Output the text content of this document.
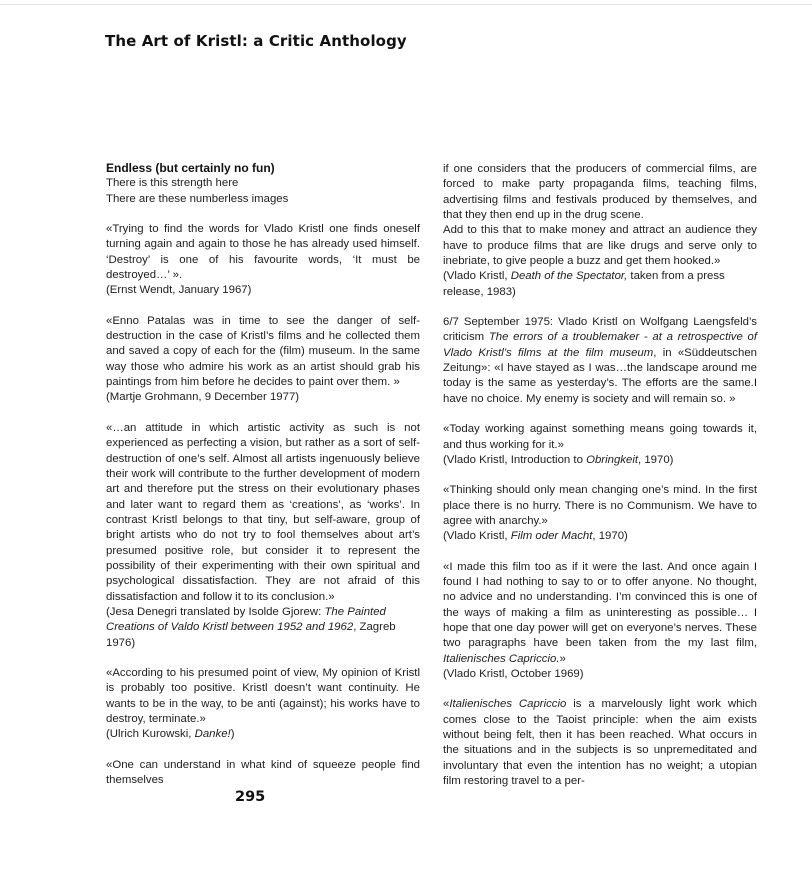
The Art of Kristl: a Critic Anthology

Endless (but certainly no fun)

There is this strength here
There are these numberless images

«Trying to find the words for Vlado Kristl one finds oneself turning again and again to those he has already used himself. ‘Destroy’ is one of his favourite words, ‘It must be destroyed…’ ».

(Ernst Wendt, January 1967)

«Enno Patalas was in time to see the danger of self-destruction in the case of Kristl’s films and he collected them and saved a copy of each for the (film) museum. In the same way those who admire his work as an artist should grab his paintings from him before he decides to paint over them. »

(Martje Grohmann, 9 December 1977)

«…an attitude in which artistic activity as such is not experienced as perfecting a vision, but rather as a sort of self-destruction of one’s self. Almost all artists ingenuously believe their work will contribute to the further development of modern art and therefore put the stress on their evolutionary phases and later want to regard them as ‘creations’, as ‘works’. In contrast Kristl belongs to that tiny, but self-aware, group of bright artists who do not try to fool themselves about art’s presumed positive role, but consider it to represent the possibility of their experimenting with their own spiritual and psychological dissatisfaction. They are not afraid of this dissatisfaction and follow it to its conclusion.»

(Jesa Denegri translated by Isolde Gjorew: The Painted Creations of Valdo Kristl between 1952 and 1962, Zagreb 1976)

«According to his presumed point of view, My opinion of Kristl is probably too positive. Kristl doesn’t want continuity. He wants to be in the way, to be anti (against); his works have to destroy, terminate.»

(Ulrich Kurowski, Danke!)

«One can understand in what kind of squeeze people find themselves

if one considers that the producers of commercial films, are forced to make party propaganda films, teaching films, advertising films and festivals produced by themselves, and that they then end up in the drug scene.

Add to this that to make money and attract an audience they have to produce films that are like drugs and serve only to inebriate, to give people a buzz and get them hooked.»

(Vlado Kristl, Death of the Spectator, taken from a press release, 1983)

6/7 September 1975: Vlado Kristl on Wolfgang Laengsfeld’s criticism The errors of a troublemaker - at a retrospective of Vlado Kristl’s films at the film museum, in «Süddeutschen Zeitung»: «I have stayed as I was…the landscape around me today is the same as yesterday’s. The efforts are the same.I have no choice. My enemy is society and will remain so. »

«Today working against something means going towards it, and thus working for it.»

(Vlado Kristl, Introduction to Obringkeit, 1970)

«Thinking should only mean changing one’s mind. In the first place there is no hurry. There is no Communism. We have to agree with anarchy.»

(Vlado Kristl, Film oder Macht, 1970)

«I made this film too as if it were the last. And once again I found I had nothing to say to or to offer anyone. No thought, no advice and no understanding. I’m convinced this is one of the ways of making a film as uninteresting as possible… I hope that one day power will get on everyone’s nerves. These two paragraphs have been taken from the my last film, Italienisches Capriccio.»

(Vlado Kristl, October 1969)

«Italienisches Capriccio is a marvelously light work which comes close to the Taoist principle: when the aim exists without being felt, then it has been reached. What occurs in the situations and in the subjects is so unpremeditated and involuntary that even the intention has no weight; a utopian film restoring travel to a per-

295
